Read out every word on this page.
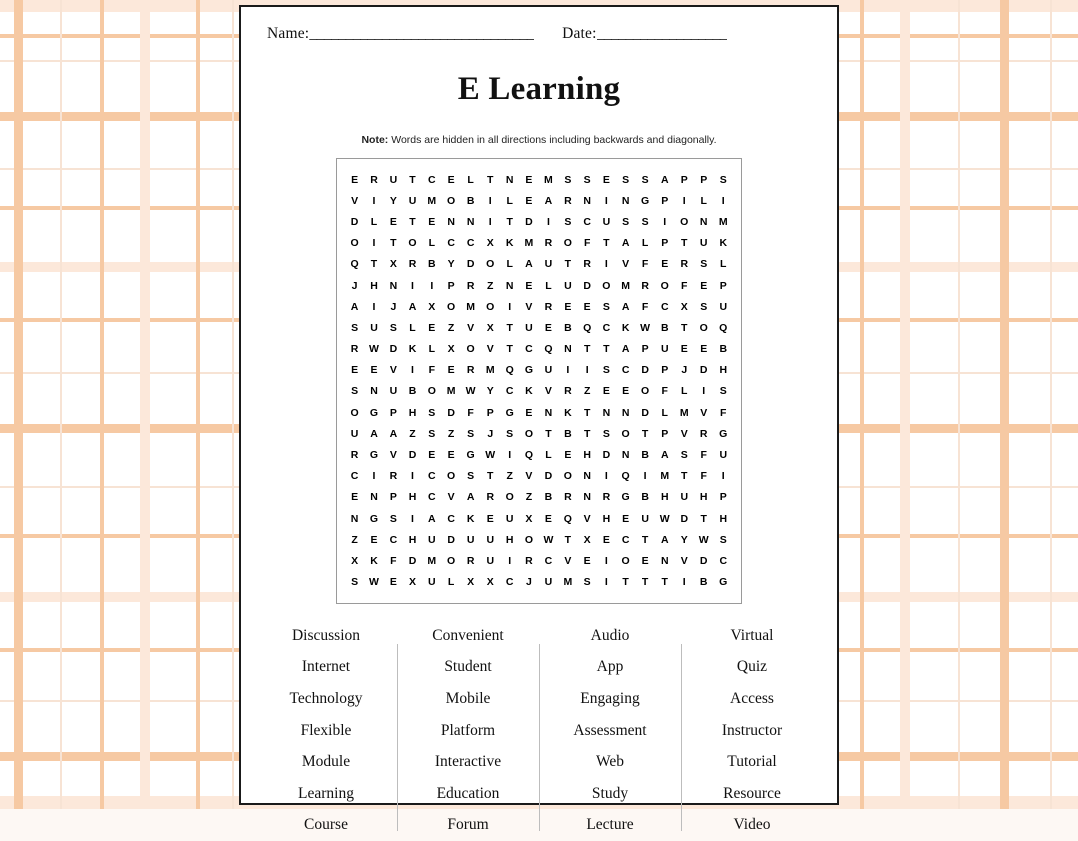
Name: _______________________________ Date: __________________
E Learning
Note: Words are hidden in all directions including backwards and diagonally.
E	R	U	T	C	E	L	T	N	E	M	S	S	E	S	S	A	P	P	S
V	I	Y	U	M	O	B	I	L	E	A	R	N	I	N	G	P	I	L	I
D	L	E	T	E	N	N	I	T	D	I	S	C	U	S	S	I	O	N	M
O	I	T	O	L	C	C	X	K	M	R	O	F	T	A	L	P	T	U	K
Q	T	X	R	B	Y	D	O	L	A	U	T	R	I	V	F	E	R	S	L
J	H	N	I	I	P	R	Z	N	E	L	U	D	O	M	R	O	F	E	P
A	I	J	A	X	O	M	O	I	V	R	E	E	S	A	F	C	X	S	U
S	U	S	L	E	Z	V	X	T	U	E	B	Q	C	K	W	B	T	O	Q
R	W	D	K	L	X	O	V	T	C	Q	N	T	T	A	P	U	E	E	B
E	E	V	I	F	E	R	M	Q	G	U	I	I	S	C	D	P	J	D	H
S	N	U	B	O	M	W	Y	C	K	V	R	Z	E	E	O	F	L	I	S
O	G	P	H	S	D	F	P	G	E	N	K	T	N	N	D	L	M	V	F
U	A	A	Z	S	Z	S	J	S	O	T	B	T	S	O	T	P	V	R	G
R	G	V	D	E	E	G	W	I	Q	L	E	H	D	N	B	A	S	F	U
C	I	R	I	C	O	S	T	Z	V	D	O	N	I	Q	I	M	T	F	I
E	N	P	H	C	V	A	R	O	Z	B	R	N	R	G	B	H	U	H	P
N	G	S	I	A	C	K	E	U	X	E	Q	V	H	E	U	W	D	T	H
Z	E	C	H	U	D	U	U	H	O	W	T	X	E	C	T	A	Y	W	S
X	K	F	D	M	O	R	U	I	R	C	V	E	I	O	E	N	V	D	C
S	W	E	X	U	L	X	X	C	J	U	M	S	I	T	T	T	I	B	G
Discussion
Internet
Technology
Flexible
Module
Learning
Course
Convenient
Student
Mobile
Platform
Interactive
Education
Forum
Audio
App
Engaging
Assessment
Web
Study
Lecture
Virtual
Quiz
Access
Instructor
Tutorial
Resource
Video
